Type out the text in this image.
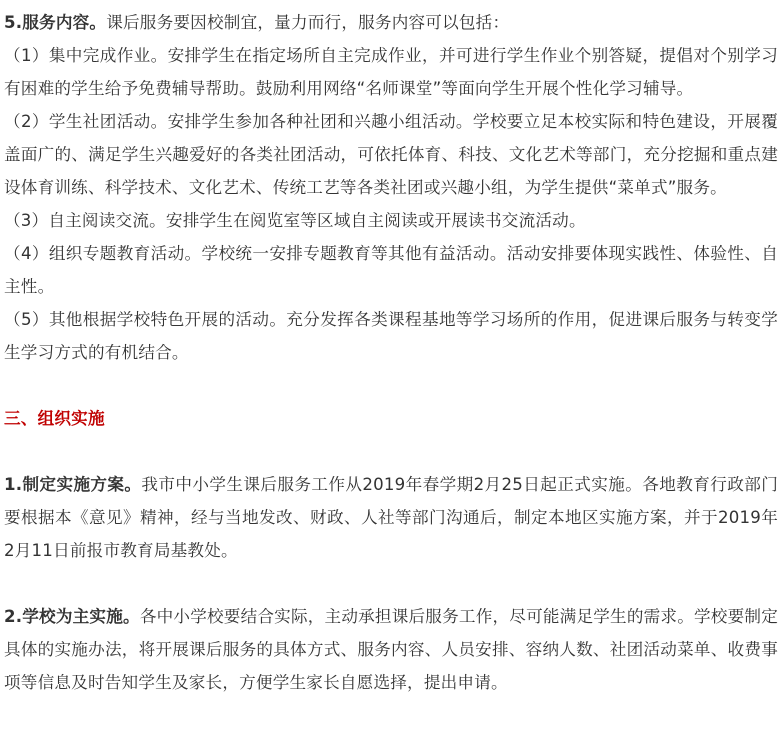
5.服务内容。课后服务要因校制宜，量力而行，服务内容可以包括：

（1）集中完成作业。安排学生在指定场所自主完成作业，并可进行学生作业个别答疑，提倡对个别学习有困难的学生给予免费辅导帮助。鼓励利用网络“名师课堂”等面向学生开展个性化学习辅导。

（2）学生社团活动。安排学生参加各种社团和兴趣小组活动。学校要立足本校实际和特色建设，开展覆盖面广的、满足学生兴趣爱好的各类社团活动，可依托体育、科技、文化艺术等部门，充分挖掘和重点建设体育训练、科学技术、文化艺术、传统工艺等各类社团或兴趣小组，为学生提供“菜单式”服务。

（3）自主阅读交流。安排学生在阅览室等区域自主阅读或开展读书交流活动。

（4）组织专题教育活动。学校统一安排专题教育等其他有益活动。活动安排要体现实践性、体验性、自主性。

（5）其他根据学校特色开展的活动。充分发挥各类课程基地等学习场所的作用，促进课后服务与转变学生学习方式的有机结合。

三、组织实施

1.制定实施方案。我市中小学生课后服务工作从2019年春学期2月25日起正式实施。各地教育行政部门要根据本《意见》精神，经与当地发改、财政、人社等部门沟通后，制定本地区实施方案，并于2019年2月11日前报市教育局基教处。

2.学校为主实施。各中小学校要结合实际，主动承担课后服务工作，尽可能满足学生的需求。学校要制定具体的实施办法，将开展课后服务的具体方式、服务内容、人员安排、容纳人数、社团活动菜单、收费事项等信息及时告知学生及家长，方便学生家长自愿选择，提出申请。
